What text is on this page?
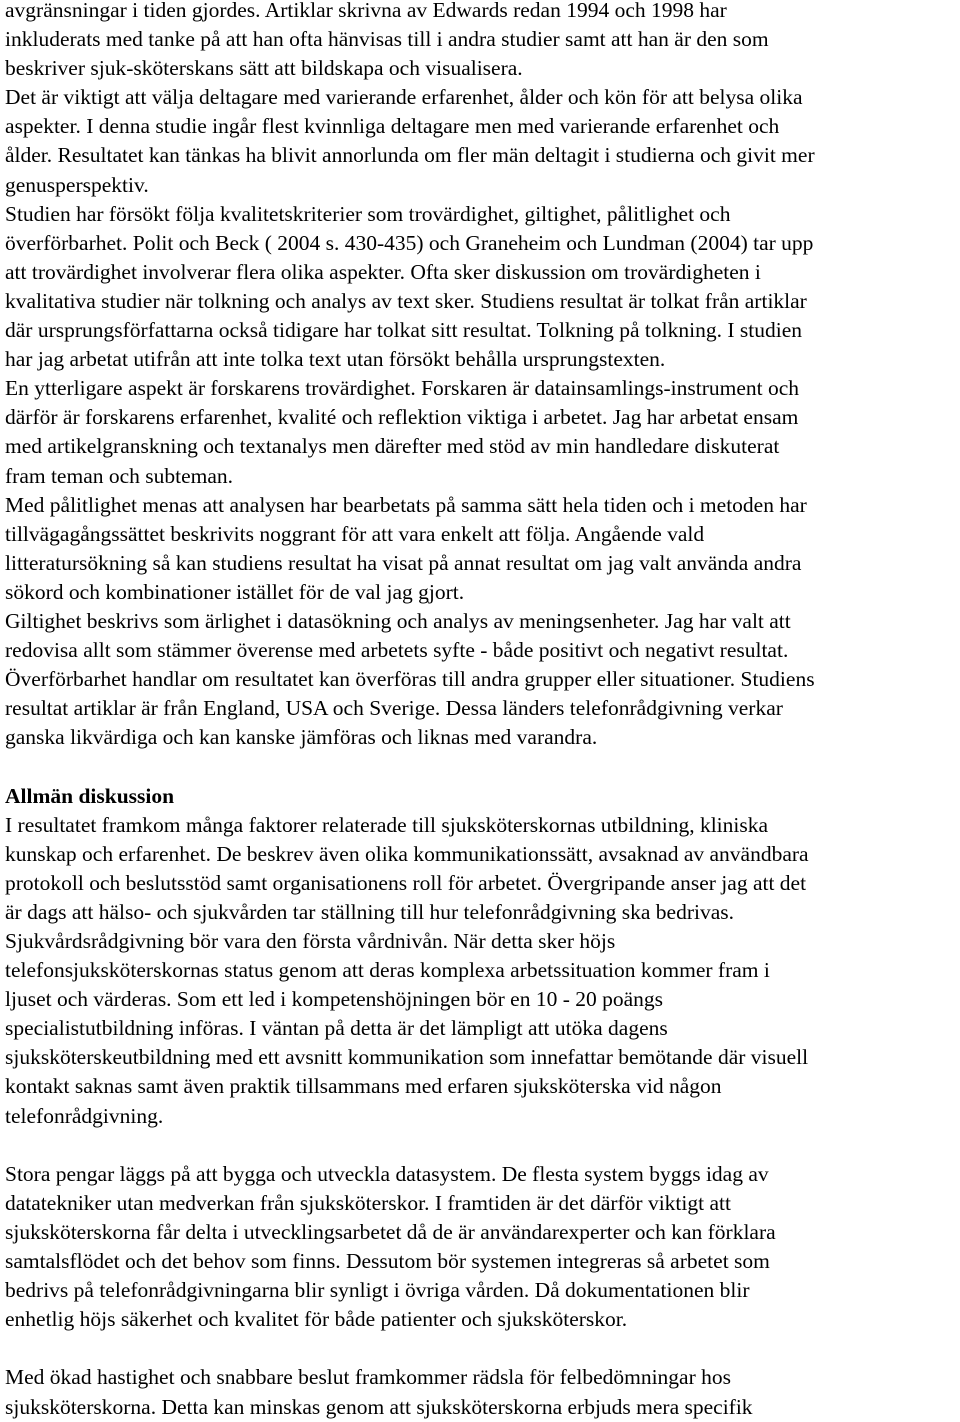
avgränsningar i tiden gjordes. Artiklar skrivna av Edwards redan 1994 och 1998 har
inkluderats med tanke på att han ofta hänvisas till i andra studier samt att han är den som
beskriver sjuk-sköterskans sätt att bildskapa och visualisera.
Det är viktigt att välja deltagare med varierande erfarenhet, ålder och kön för att belysa olika
aspekter. I denna studie ingår flest kvinnliga deltagare men med varierande erfarenhet och
ålder. Resultatet kan tänkas ha blivit annorlunda om fler män deltagit i studierna och givit mer
genusperspektiv.
Studien har försökt följa kvalitetskriterier som trovärdighet, giltighet, pålitlighet och
överförbarhet. Polit och Beck ( 2004 s. 430-435) och Graneheim och Lundman (2004) tar upp
att trovärdighet involverar flera olika aspekter. Ofta sker diskussion om trovärdigheten i
kvalitativa studier när tolkning och analys av text sker. Studiens resultat är tolkat från artiklar
där ursprungsförfattarna också tidigare har tolkat sitt resultat. Tolkning på tolkning. I studien
har jag arbetat utifrån att inte tolka text utan försökt behålla ursprungstexten.
En ytterligare aspekt är forskarens trovärdighet. Forskaren är datainsamlings-instrument och
därför är forskarens erfarenhet, kvalité och reflektion viktiga i arbetet. Jag har arbetat ensam
med artikelgranskning och textanalys men därefter med stöd av min handledare diskuterat
fram teman och subteman.
Med pålitlighet menas att analysen har bearbetats på samma sätt hela tiden och i metoden har
tillvägagångssättet beskrivits noggrant för att vara enkelt att följa. Angående vald
litteratursökning så kan studiens resultat ha visat på annat resultat om jag valt använda andra
sökord och kombinationer istället för de val jag gjort.
Giltighet beskrivs som ärlighet i datasökning och analys av meningsenheter. Jag har valt att
redovisa allt som stämmer överense med arbetets syfte - både positivt och negativt resultat.
Överförbarhet handlar om resultatet kan överföras till andra grupper eller situationer. Studiens
resultat artiklar är från England, USA och Sverige. Dessa länders telefonrådgivning verkar
ganska likvärdiga och kan kanske jämföras och liknas med varandra.
Allmän diskussion
I resultatet framkom många faktorer relaterade till sjuksköterskornas utbildning, kliniska
kunskap och erfarenhet. De beskrev även olika kommunikationssätt, avsaknad av användbara
protokoll och beslutsstöd samt organisationens roll för arbetet. Övergripande anser jag att det
är dags att hälso- och sjukvården tar ställning till hur telefonrådgivning ska bedrivas.
Sjukvårdsrådgivning bör vara den första vårdnivån. När detta sker höjs
telefonsjuksköterskornas status genom att deras komplexa arbetssituation kommer fram i
ljuset och värderas. Som ett led i kompetenshöjningen bör en 10 - 20 poängs
specialistutbildning införas. I väntan på detta är det lämpligt att utöka dagens
sjuksköterskeutbildning med ett avsnitt kommunikation som innefattar bemötande där visuell
kontakt saknas samt även praktik tillsammans med erfaren sjuksköterska vid någon
telefonrådgivning.
Stora pengar läggs på att bygga och utveckla datasystem. De flesta system byggs idag av
datatekniker utan medverkan från sjuksköterskor. I framtiden är det därför viktigt att
sjuksköterskorna får delta i utvecklingsarbetet då de är användarexperter och kan förklara
samtalsflödet och det behov som finns. Dessutom bör systemen integreras så arbetet som
bedrivs på telefonrådgivningarna blir synligt i övriga vården. Då dokumentationen blir
enhetlig höjs säkerhet och kvalitet för både patienter och sjuksköterskor.
Med ökad hastighet och snabbare beslut framkommer rädsla för felbedömningar hos
sjuksköterskorna. Detta kan minskas genom att sjuksköterskorna erbjuds mera specifik
